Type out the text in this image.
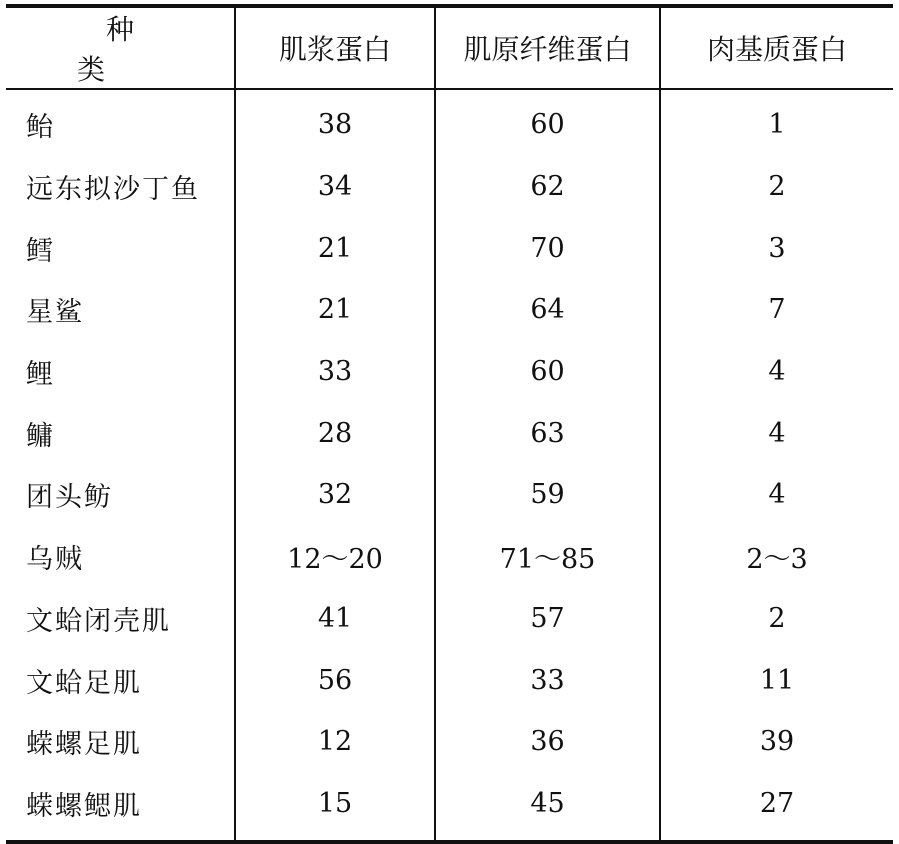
种类	肌浆蛋白	肌原纤维蛋白	肉基质蛋白
鲐	38	60	1
远东拟沙丁鱼	34	62	2
鳕	21	70	3
星鲨	21	64	7
鲤	33	60	4
鳙	28	63	4
团头鲂	32	59	4
乌贼	12～20	71～85	2～3
文蛤闭壳肌	41	57	2
文蛤足肌	56	33	11
蝾螺足肌	12	36	39
蝾螺鳃肌	15	45	27
